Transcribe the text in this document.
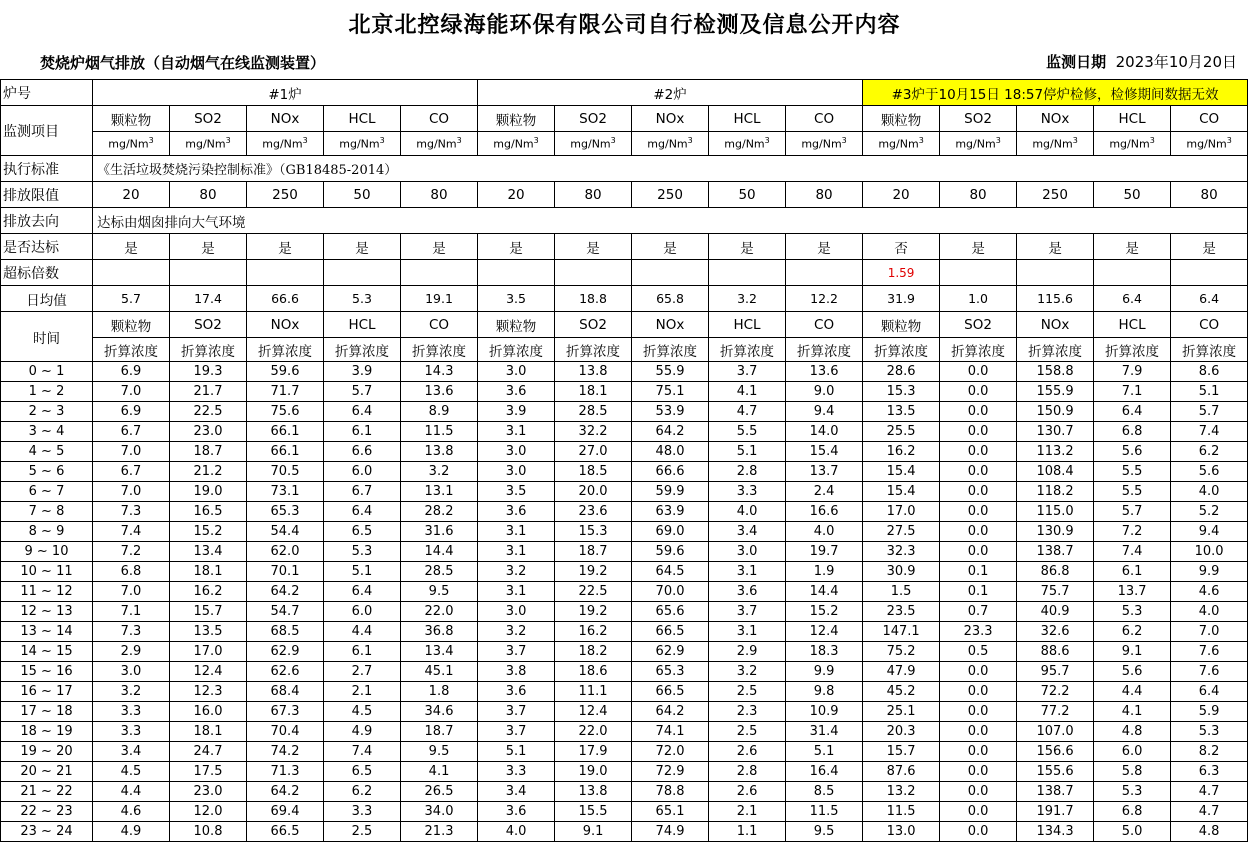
北京北控绿海能环保有限公司自行检测及信息公开内容
焚烧炉烟气排放（自动烟气在线监测装置）	监测日期 2023年10月20日
炉号	#1炉					#2炉					#3炉于10月15日 18:57停炉检修，检修期间数据无效				
监测项目	颗粒物	SO2	NOx	HCL	CO	颗粒物	SO2	NOx	HCL	CO	颗粒物	SO2	NOx	HCL	CO
	mg/Nm$^3$	mg/Nm$^3$	mg/Nm$^3$	mg/Nm$^3$	mg/Nm$^3$	mg/Nm$^3$	mg/Nm$^3$	mg/Nm$^3$	mg/Nm$^3$	mg/Nm$^3$	mg/Nm$^3$	mg/Nm$^3$	mg/Nm$^3$	mg/Nm$^3$	mg/Nm$^3$
执行标准	《生活垃圾焚烧污染控制标准》（GB18485-2014）														
排放限值	20	80	250	50	80	20	80	250	50	80	20	80	250	50	80
排放去向	达标由烟囱排向大气环境														
是否达标	是	是	是	是	是	是	是	是	是	是	否	是	是	是	是
超标倍数											1.59				
日均值	5.7	17.4	66.6	5.3	19.1	3.5	18.8	65.8	3.2	12.2	31.9	1.0	115.6	6.4	6.4
时间	颗粒物	SO2	NOx	HCL	CO	颗粒物	SO2	NOx	HCL	CO	颗粒物	SO2	NOx	HCL	CO
	折算浓度	折算浓度	折算浓度	折算浓度	折算浓度	折算浓度	折算浓度	折算浓度	折算浓度	折算浓度	折算浓度	折算浓度	折算浓度	折算浓度	折算浓度
0 ~ 1	6.9	19.3	59.6	3.9	14.3	3.0	13.8	55.9	3.7	13.6	28.6	0.0	158.8	7.9	8.6
1 ~ 2	7.0	21.7	71.7	5.7	13.6	3.6	18.1	75.1	4.1	9.0	15.3	0.0	155.9	7.1	5.1
2 ~ 3	6.9	22.5	75.6	6.4	8.9	3.9	28.5	53.9	4.7	9.4	13.5	0.0	150.9	6.4	5.7
3 ~ 4	6.7	23.0	66.1	6.1	11.5	3.1	32.2	64.2	5.5	14.0	25.5	0.0	130.7	6.8	7.4
4 ~ 5	7.0	18.7	66.1	6.6	13.8	3.0	27.0	48.0	5.1	15.4	16.2	0.0	113.2	5.6	6.2
5 ~ 6	6.7	21.2	70.5	6.0	3.2	3.0	18.5	66.6	2.8	13.7	15.4	0.0	108.4	5.5	5.6
6 ~ 7	7.0	19.0	73.1	6.7	13.1	3.5	20.0	59.9	3.3	2.4	15.4	0.0	118.2	5.5	4.0
7 ~ 8	7.3	16.5	65.3	6.4	28.2	3.6	23.6	63.9	4.0	16.6	17.0	0.0	115.0	5.7	5.2
8 ~ 9	7.4	15.2	54.4	6.5	31.6	3.1	15.3	69.0	3.4	4.0	27.5	0.0	130.9	7.2	9.4
9 ~ 10	7.2	13.4	62.0	5.3	14.4	3.1	18.7	59.6	3.0	19.7	32.3	0.0	138.7	7.4	10.0
10 ~ 11	6.8	18.1	70.1	5.1	28.5	3.2	19.2	64.5	3.1	1.9	30.9	0.1	86.8	6.1	9.9
11 ~ 12	7.0	16.2	64.2	6.4	9.5	3.1	22.5	70.0	3.6	14.4	1.5	0.1	75.7	13.7	4.6
12 ~ 13	7.1	15.7	54.7	6.0	22.0	3.0	19.2	65.6	3.7	15.2	23.5	0.7	40.9	5.3	4.0
13 ~ 14	7.3	13.5	68.5	4.4	36.8	3.2	16.2	66.5	3.1	12.4	147.1	23.3	32.6	6.2	7.0
14 ~ 15	2.9	17.0	62.9	6.1	13.4	3.7	18.2	62.9	2.9	18.3	75.2	0.5	88.6	9.1	7.6
15 ~ 16	3.0	12.4	62.6	2.7	45.1	3.8	18.6	65.3	3.2	9.9	47.9	0.0	95.7	5.6	7.6
16 ~ 17	3.2	12.3	68.4	2.1	1.8	3.6	11.1	66.5	2.5	9.8	45.2	0.0	72.2	4.4	6.4
17 ~ 18	3.3	16.0	67.3	4.5	34.6	3.7	12.4	64.2	2.3	10.9	25.1	0.0	77.2	4.1	5.9
18 ~ 19	3.3	18.1	70.4	4.9	18.7	3.7	22.0	74.1	2.5	31.4	20.3	0.0	107.0	4.8	5.3
19 ~ 20	3.4	24.7	74.2	7.4	9.5	5.1	17.9	72.0	2.6	5.1	15.7	0.0	156.6	6.0	8.2
20 ~ 21	4.5	17.5	71.3	6.5	4.1	3.3	19.0	72.9	2.8	16.4	87.6	0.0	155.6	5.8	6.3
21 ~ 22	4.4	23.0	64.2	6.2	26.5	3.4	13.8	78.8	2.6	8.5	13.2	0.0	138.7	5.3	4.7
22 ~ 23	4.6	12.0	69.4	3.3	34.0	3.6	15.5	65.1	2.1	11.5	11.5	0.0	191.7	6.8	4.7
23 ~ 24	4.9	10.8	66.5	2.5	21.3	4.0	9.1	74.9	1.1	9.5	13.0	0.0	134.3	5.0	4.8
